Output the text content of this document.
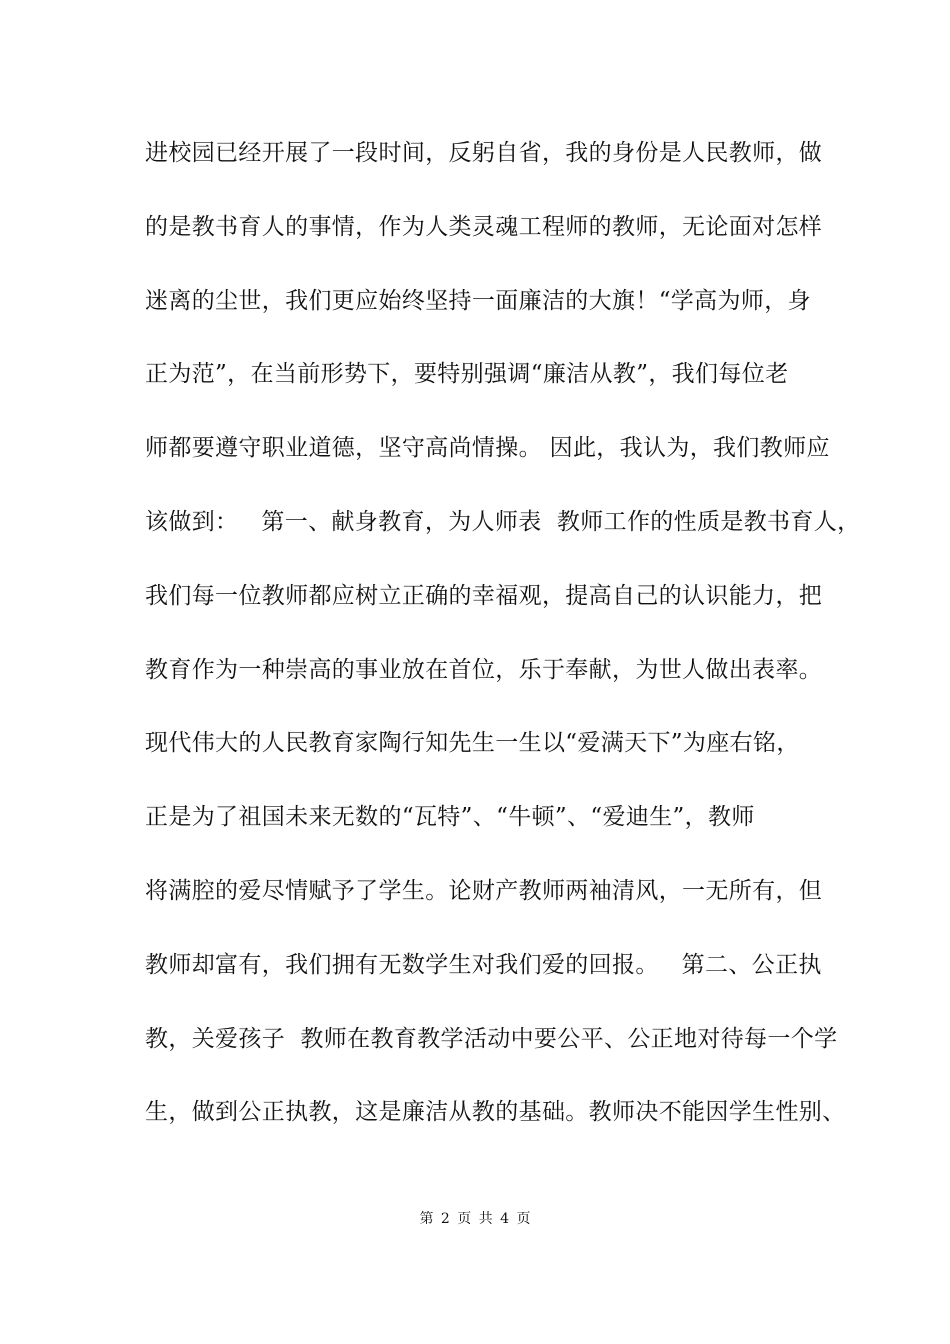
进校园已经开展了一段时间，反躬自省，我的身份是人民教师，做
的是教书育人的事情，作为人类灵魂工程师的教师，无论面对怎样
迷离的尘世，我们更应始终坚持一面廉洁的大旗！“学高为师，身
正为范”，在当前形势下，要特别强调“廉洁从教”，我们每位老
师都要遵守职业道德，坚守高尚情操。 因此，我认为，我们教师应
该做到：   第一、献身教育，为人师表  教师工作的性质是教书育人，
我们每一位教师都应树立正确的幸福观，提高自己的认识能力，把
教育作为一种崇高的事业放在首位，乐于奉献，为世人做出表率。
现代伟大的人民教育家陶行知先生一生以“爱满天下”为座右铭，
正是为了祖国未来无数的“瓦特”、“牛顿”、“爱迪生”，教师
将满腔的爱尽情赋予了学生。论财产教师两袖清风，一无所有，但
教师却富有，我们拥有无数学生对我们爱的回报。   第二、公正执
教，关爱孩子  教师在教育教学活动中要公平、公正地对待每一个学
生，做到公正执教，这是廉洁从教的基础。教师决不能因学生性别、
第 2 页 共 4 页
